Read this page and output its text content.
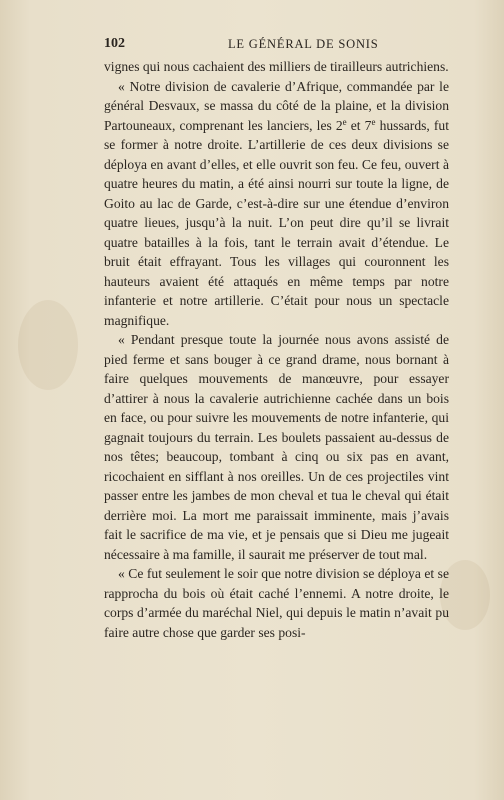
102	LE GÉNÉRAL DE SONIS

vignes qui nous cachaient des milliers de tirailleurs autrichiens.

« Notre division de cavalerie d’Afrique, commandée par le général Desvaux, se massa du côté de la plaine, et la division Partouneaux, comprenant les lanciers, les 2e et 7e hussards, fut se former à notre droite. L’artillerie de ces deux divisions se déploya en avant d’elles, et elle ouvrit son feu. Ce feu, ouvert à quatre heures du matin, a été ainsi nourri sur toute la ligne, de Goito au lac de Garde, c’est-à-dire sur une étendue d’environ quatre lieues, jusqu’à la nuit. L’on peut dire qu’il se livrait quatre batailles à la fois, tant le terrain avait d’étendue. Le bruit était effrayant. Tous les villages qui couronnent les hauteurs avaient été attaqués en même temps par notre infanterie et notre artillerie. C’était pour nous un spectacle magnifique.

« Pendant presque toute la journée nous avons assisté de pied ferme et sans bouger à ce grand drame, nous bornant à faire quelques mouvements de manœuvre, pour essayer d’attirer à nous la cavalerie autrichienne cachée dans un bois en face, ou pour suivre les mouvements de notre infanterie, qui gagnait toujours du terrain. Les boulets passaient au-dessus de nos têtes; beaucoup, tombant à cinq ou six pas en avant, ricochaient en sifflant à nos oreilles. Un de ces projectiles vint passer entre les jambes de mon cheval et tua le cheval qui était derrière moi. La mort me paraissait imminente, mais j’avais fait le sacrifice de ma vie, et je pensais que si Dieu me jugeait nécessaire à ma famille, il saurait me préserver de tout mal.

« Ce fut seulement le soir que notre division se déploya et se rapprocha du bois où était caché l’ennemi. A notre droite, le corps d’armée du maréchal Niel, qui depuis le matin n’avait pu faire autre chose que garder ses posi-
